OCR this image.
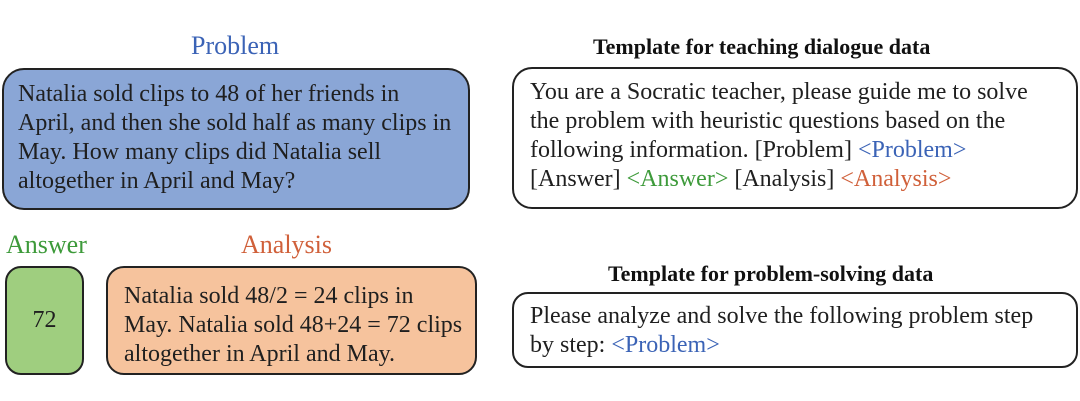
Problem
Natalia sold clips to 48 of her friends in April, and then she sold half as many clips in May. How many clips did Natalia sell altogether in April and May?
Answer	Analysis
72
Natalia sold 48/2 = 24 clips in May. Natalia sold 48+24 = 72 clips altogether in April and May.
Template for teaching dialogue data
You are a Socratic teacher, please guide me to solve the problem with heuristic questions based on the following information. [Problem] <Problem>
[Answer] <Answer> [Analysis] <Analysis>
Template for problem-solving data
Please analyze and solve the following problem step by step: <Problem>
